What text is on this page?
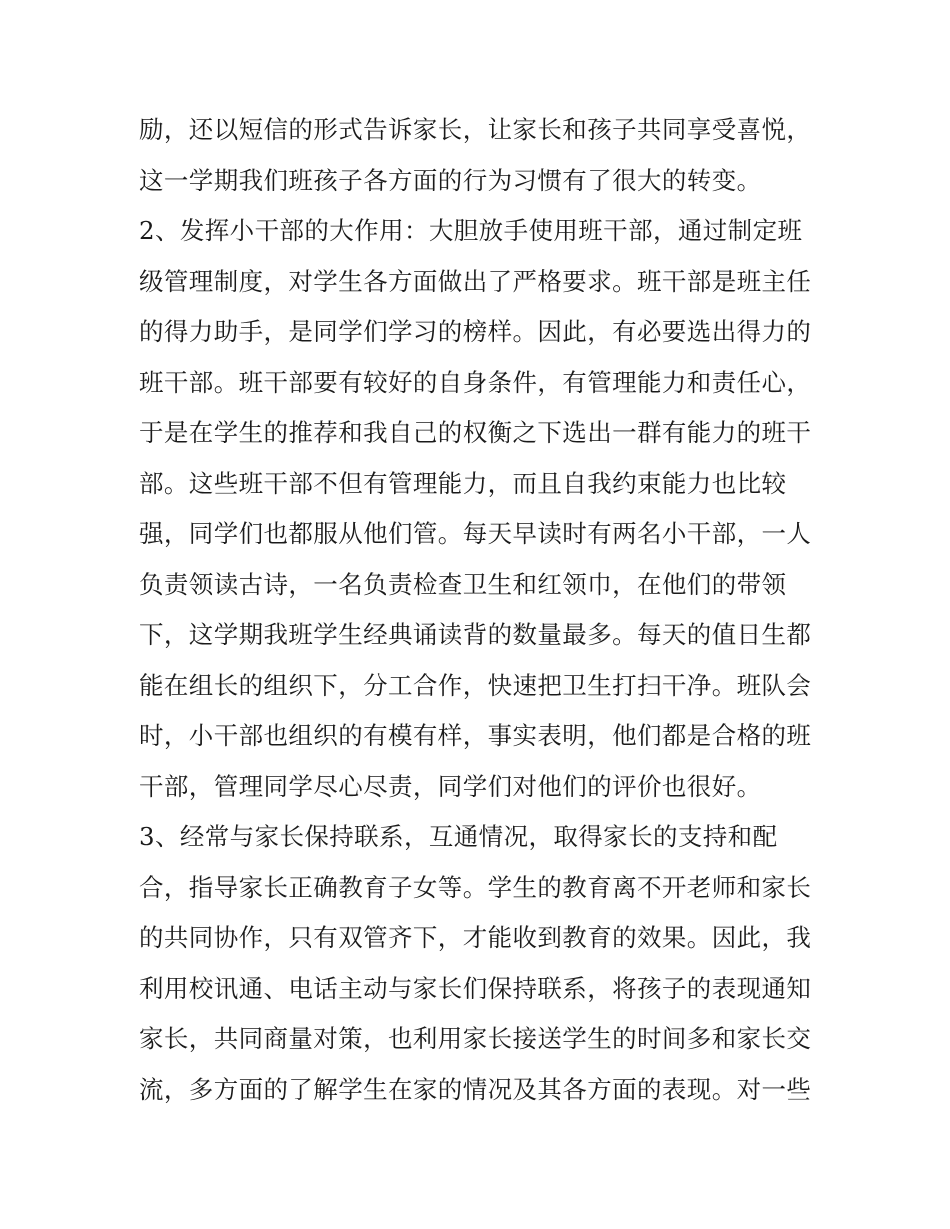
励，还以短信的形式告诉家长，让家长和孩子共同享受喜悦，
这一学期我们班孩子各方面的行为习惯有了很大的转变。
2、发挥小干部的大作用：大胆放手使用班干部，通过制定班
级管理制度，对学生各方面做出了严格要求。班干部是班主任
的得力助手，是同学们学习的榜样。因此，有必要选出得力的
班干部。班干部要有较好的自身条件，有管理能力和责任心，
于是在学生的推荐和我自己的权衡之下选出一群有能力的班干
部。这些班干部不但有管理能力，而且自我约束能力也比较
强，同学们也都服从他们管。每天早读时有两名小干部，一人
负责领读古诗，一名负责检查卫生和红领巾，在他们的带领
下，这学期我班学生经典诵读背的数量最多。每天的值日生都
能在组长的组织下，分工合作，快速把卫生打扫干净。班队会
时，小干部也组织的有模有样，事实表明，他们都是合格的班
干部，管理同学尽心尽责，同学们对他们的评价也很好。
3、经常与家长保持联系，互通情况，取得家长的支持和配
合，指导家长正确教育子女等。学生的教育离不开老师和家长
的共同协作，只有双管齐下，才能收到教育的效果。因此，我
利用校讯通、电话主动与家长们保持联系，将孩子的表现通知
家长，共同商量对策，也利用家长接送学生的时间多和家长交
流，多方面的了解学生在家的情况及其各方面的表现。对一些
